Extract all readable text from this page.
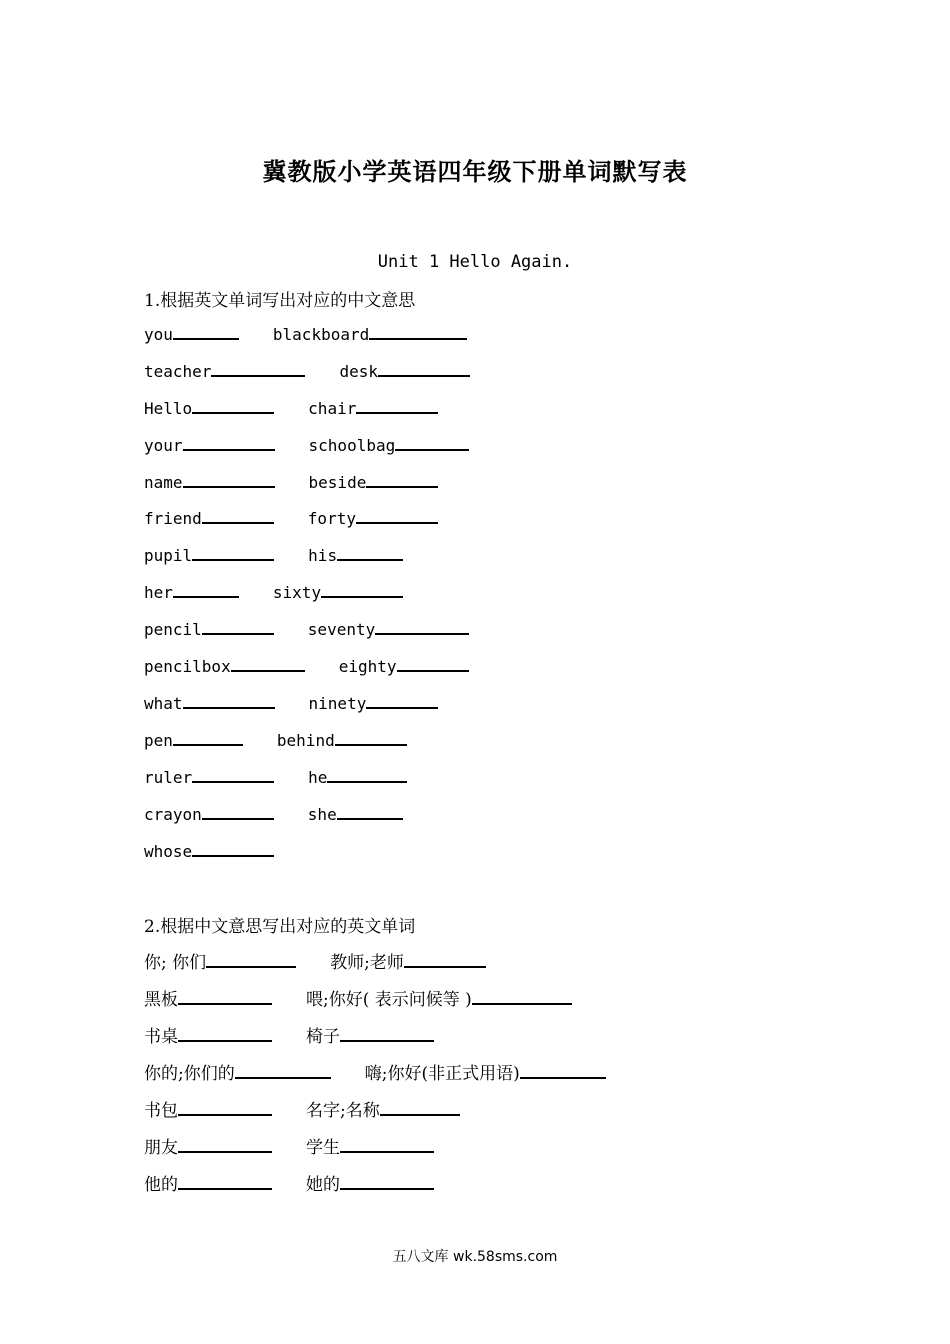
冀教版小学英语四年级下册单词默写表
Unit 1 Hello Again.
1.根据英文单词写出对应的中文意思
you	blackboard
teacher	desk
Hello	chair
your	schoolbag
name	beside
friend	forty
pupil	his
her	sixty
pencil	seventy
pencilbox	eighty
what	ninety
pen	behind
ruler	he
crayon	she
whose
2.根据中文意思写出对应的英文单词
你; 你们	教师;老师
黑板	喂;你好( 表示问候等 )
书桌	椅子
你的;你们的	嗨;你好(非正式用语)
书包	名字;名称
朋友	学生
他的	她的
五八文库 wk.58sms.com
